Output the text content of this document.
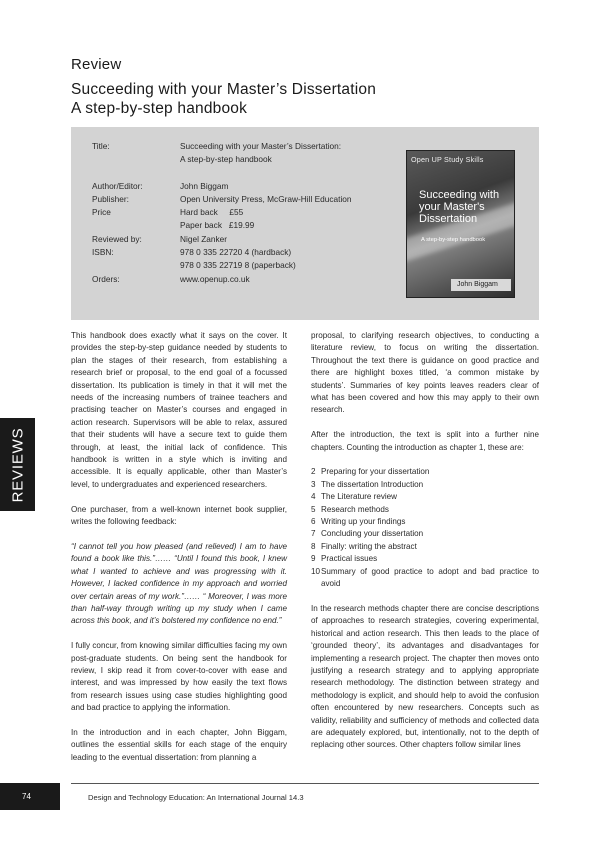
Review
Succeeding with your Master’s Dissertation
A step-by-step handbook
Title:	Succeeding with your Master’s Dissertation:
A step-by-step handbook
Author/Editor:	John Biggam
Publisher:	Open University Press, McGraw-Hill Education
Price	Hard back     £55
Paper back   £19.99
Reviewed by:	Nigel Zanker
ISBN:	978 0 335 22720 4 (hardback)
978 0 335 22719 8 (paperback)
Orders:	www.openup.co.uk
Open UP Study Skills
Succeeding with your Master's Dissertation
A step-by-step handbook
John Biggam

This handbook does exactly what it says on the cover. It provides the step-by-step guidance needed by students to plan the stages of their research, from establishing a research brief or proposal, to the end goal of a focussed dissertation. Its publication is timely in that it will met the needs of the increasing numbers of trainee teachers and practising teacher on Master’s courses and engaged in action research. Supervisors will be able to relax, assured that their students will have a secure text to guide them through, at least, the initial lack of confidence. This handbook is written in a style which is inviting and accessible. It is equally applicable, other than Master’s level, to undergraduates and experienced researchers.

One purchaser, from a well-known internet book supplier, writes the following feedback:

“I cannot tell you how pleased (and relieved) I am to have found a book like this.”…… “Until I found this book, I knew what I wanted to achieve and was progressing with it. However, I lacked confidence in my approach and worried over certain areas of my work.”…… “ Moreover, I was more than half-way through writing up my study when I came across this book, and it’s bolstered my confidence no end.”

I fully concur, from knowing similar difficulties facing my own post-graduate students. On being sent the handbook for review, I skip read it from cover-to-cover with ease and interest, and was impressed by how easily the text flows from research issues using case studies highlighting good and bad practice to applying the information.

In the introduction and in each chapter, John Biggam, outlines the essential skills for each stage of the enquiry leading to the eventual dissertation: from planning a

proposal, to clarifying research objectives, to conducting a literature review, to focus on writing the dissertation. Throughout the text there is guidance on good practice and there are highlight boxes titled, ‘a common mistake by students’. Summaries of key points leaves readers clear of what has been covered and how this may apply to their own research.

After the introduction, the text is split into a further nine chapters. Counting the introduction as chapter 1, these are:

2 Preparing for your dissertation
3 The dissertation Introduction
4 The Literature review
5 Research methods
6 Writing up your findings
7 Concluding your dissertation
8 Finally: writing the abstract
9 Practical issues
10 Summary of good practice to adopt and bad practice to avoid

In the research methods chapter there are concise descriptions of approaches to research strategies, covering experimental, historical and action research. This then leads to the place of ‘grounded theory’, its advantages and disadvantages for implementing a research project. The chapter then moves onto justifying a research strategy and to applying appropriate research methodology. The distinction between strategy and methodology is explicit, and should help to avoid the confusion often encountered by new researchers. Concepts such as validity, reliability and sufficiency of methods and collected data are adequately explored, but, intentionally, not to the depth of replacing other sources. Other chapters follow similar lines

REVIEWS
74	Design and Technology Education: An International Journal 14.3
